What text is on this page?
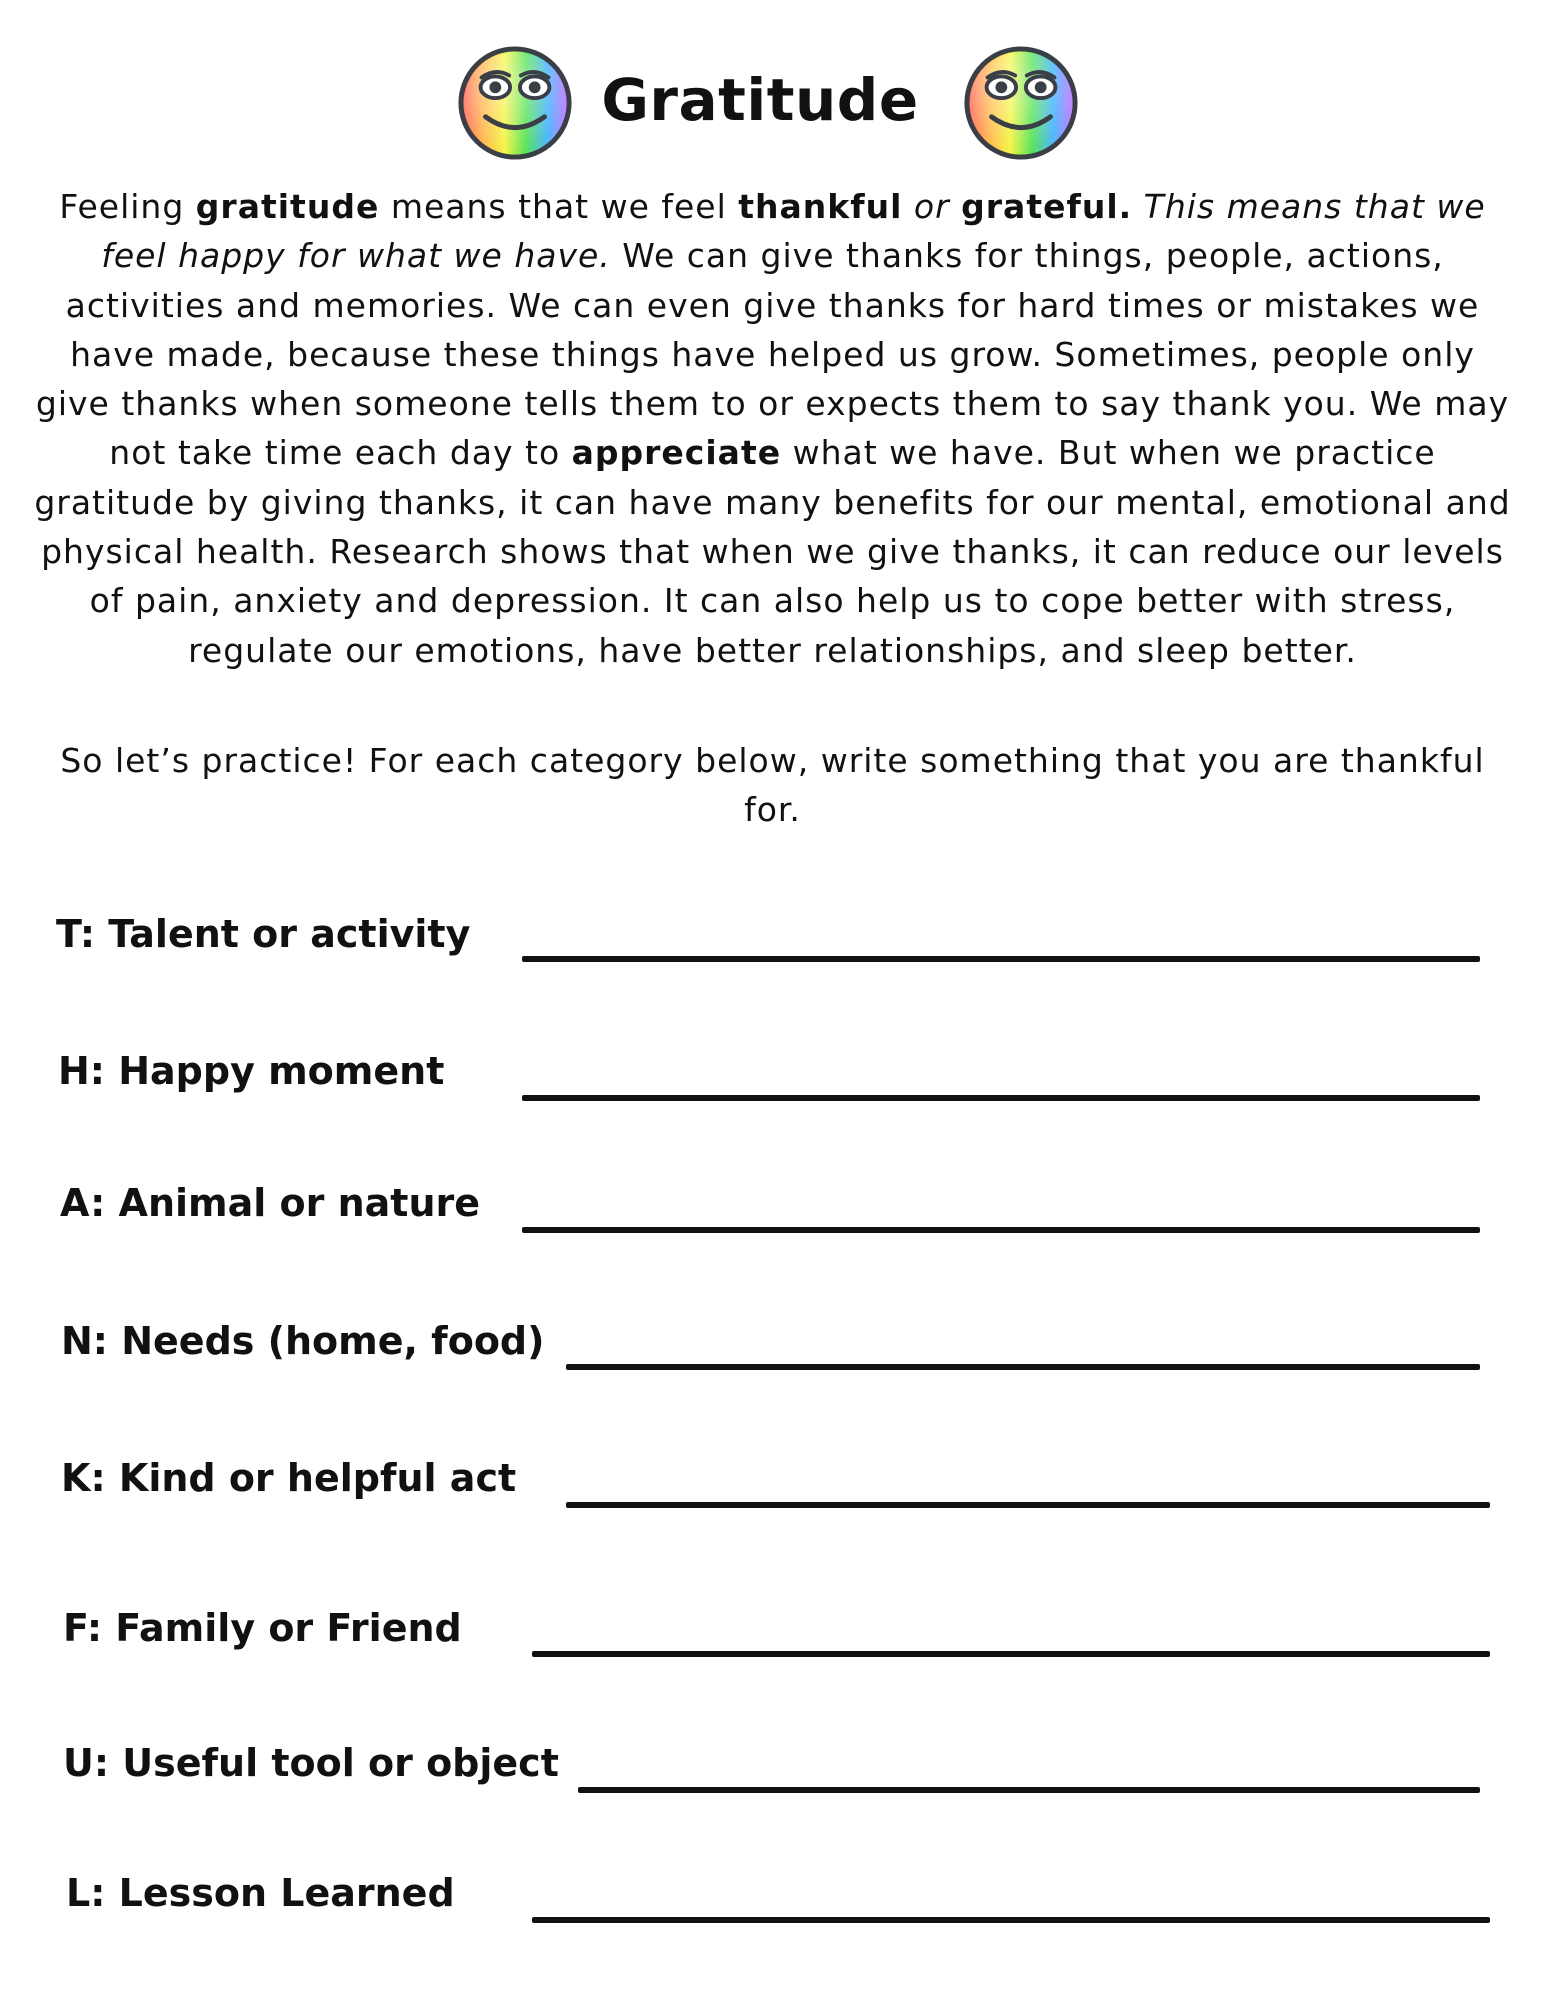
Gratitude

Feeling gratitude means that we feel thankful or grateful. This means that we feel happy for what we have. We can give thanks for things, people, actions, activities and memories. We can even give thanks for hard times or mistakes we have made, because these things have helped us grow. Sometimes, people only give thanks when someone tells them to or expects them to say thank you. We may not take time each day to appreciate what we have. But when we practice gratitude by giving thanks, it can have many benefits for our mental, emotional and physical health. Research shows that when we give thanks, it can reduce our levels of pain, anxiety and depression. It can also help us to cope better with stress, regulate our emotions, have better relationships, and sleep better.

So let’s practice! For each category below, write something that you are thankful for.

T: Talent or activity
H: Happy moment
A: Animal or nature
N: Needs (home, food)
K: Kind or helpful act
F: Family or Friend
U: Useful tool or object
L: Lesson Learned
